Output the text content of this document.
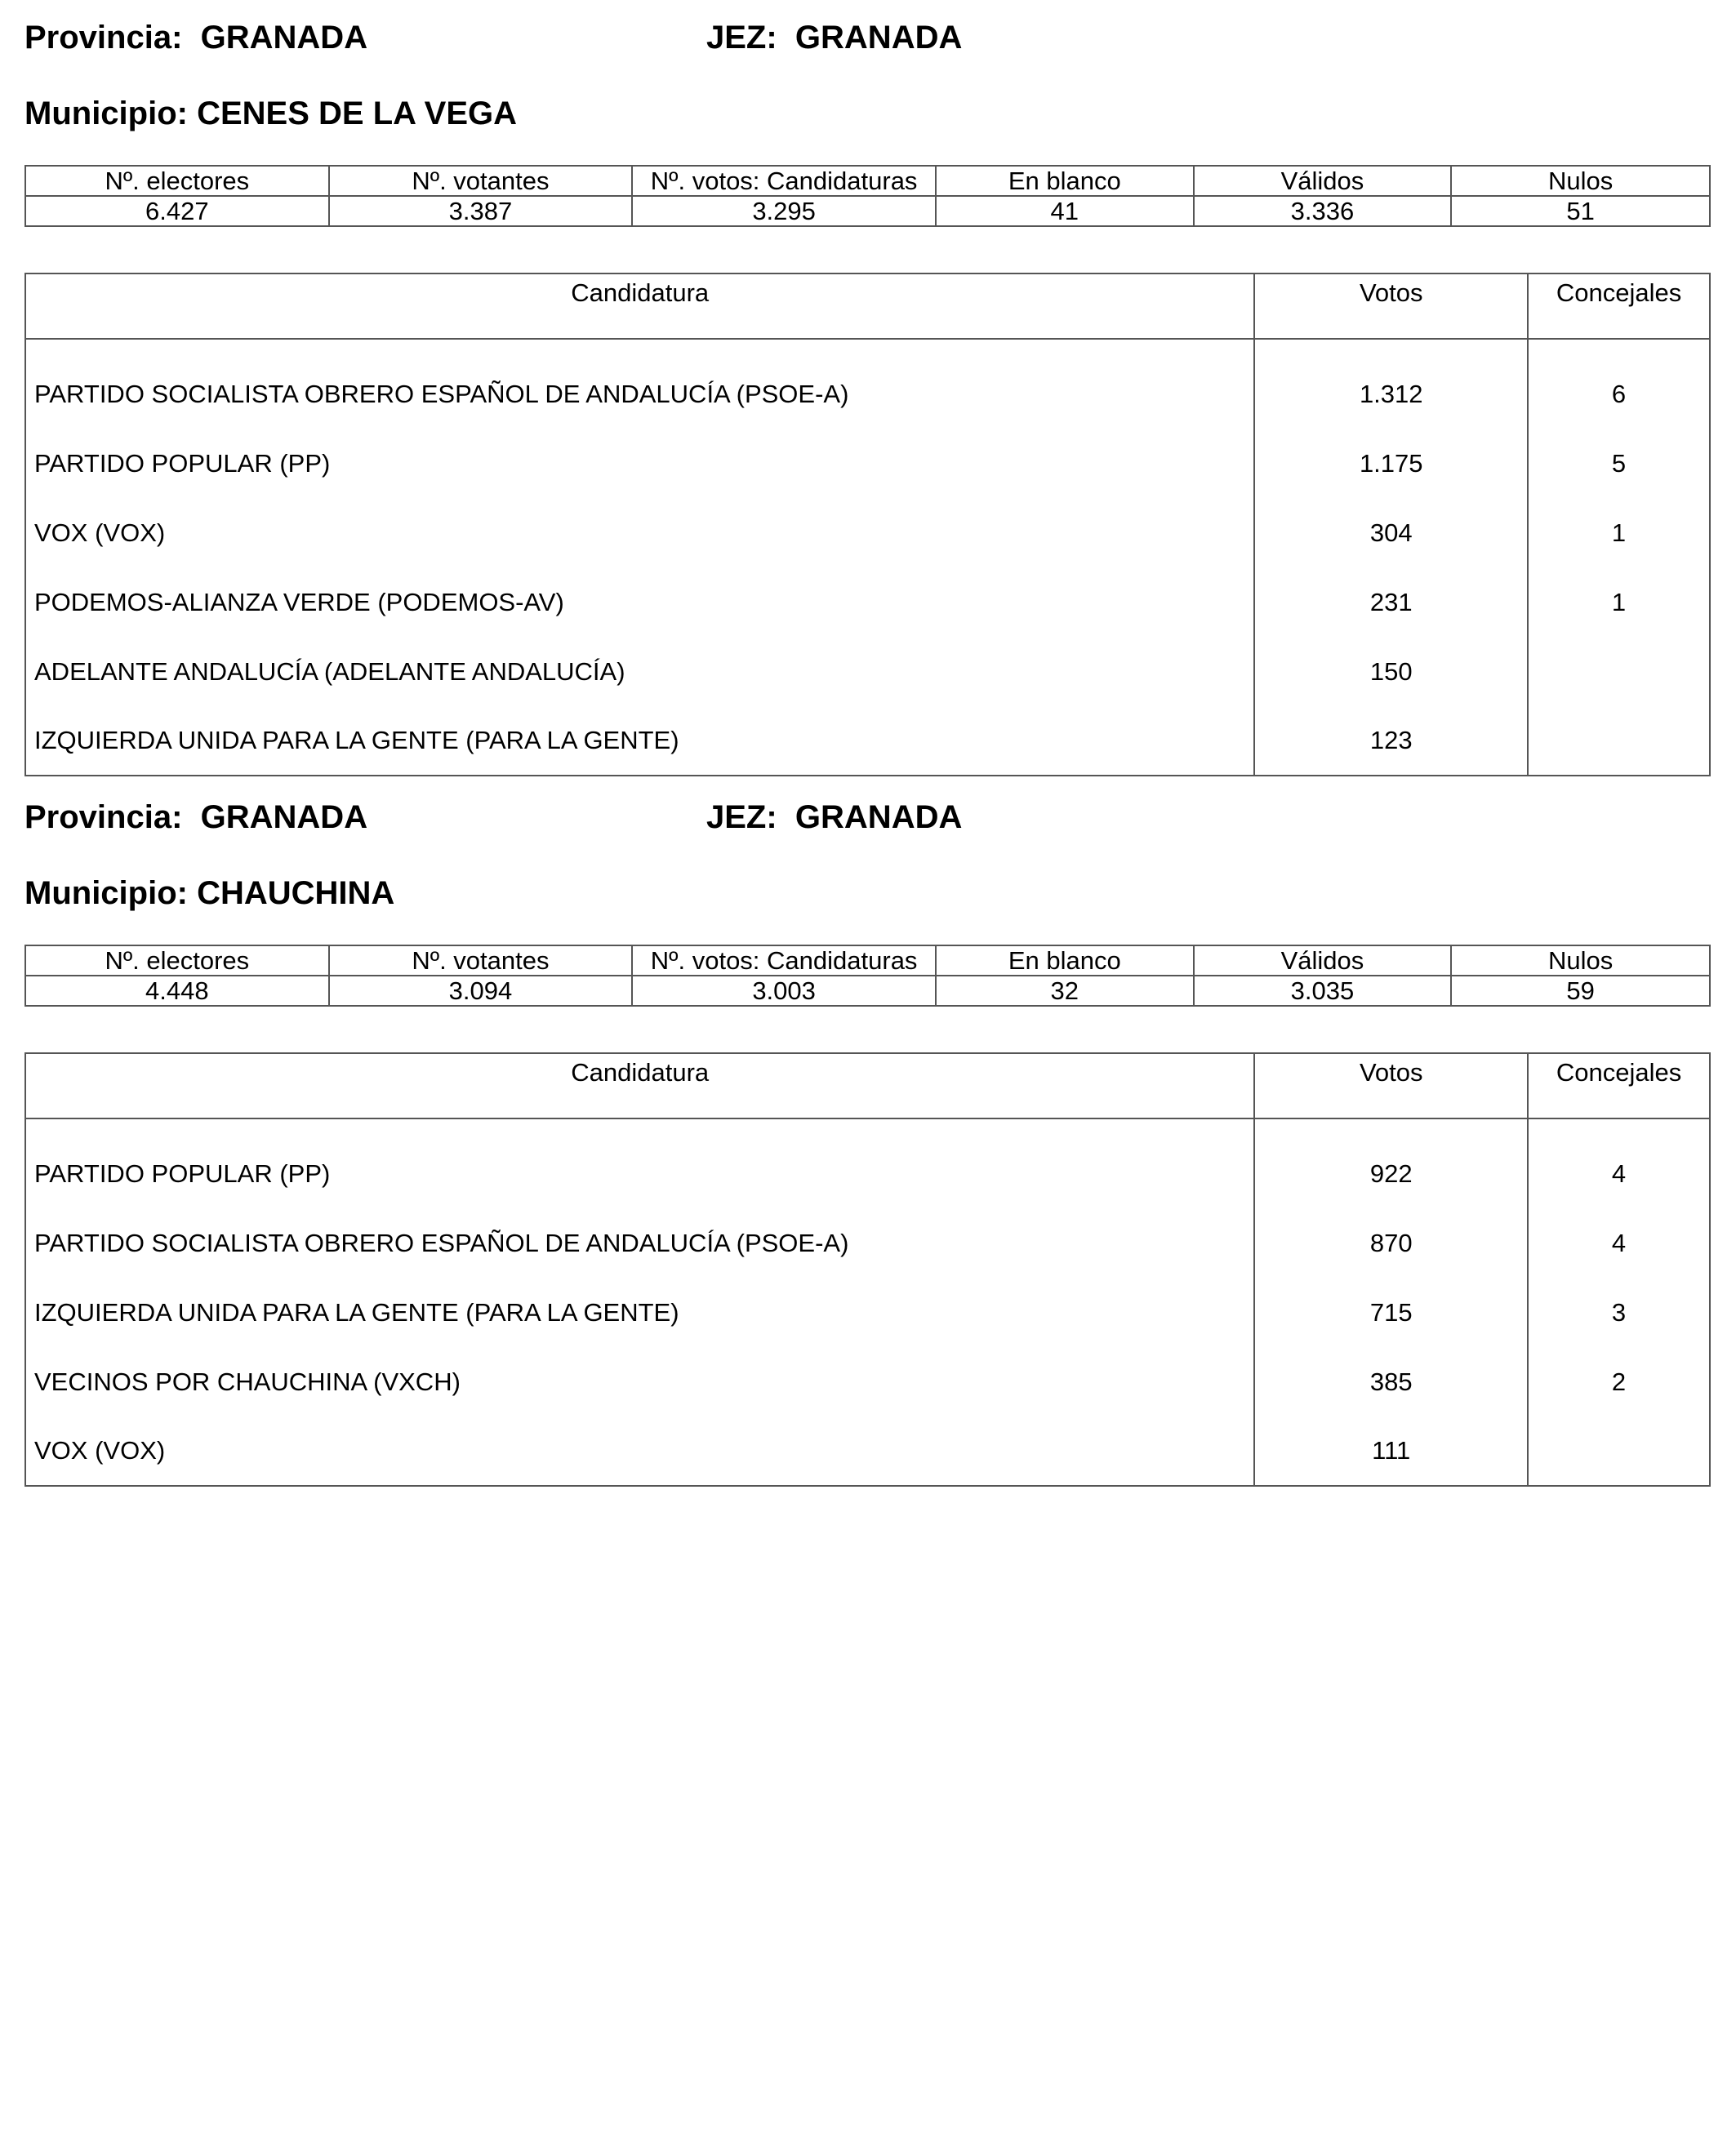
Provincia: GRANADA	JEZ: GRANADA
Municipio: CENES DE LA VEGA
Nº. electores	Nº. votantes	Nº. votos: Candidaturas	En blanco	Válidos	Nulos
6.427	3.387	3.295	41	3.336	51
Candidatura	Votos	Concejales
PARTIDO SOCIALISTA OBRERO ESPAÑOL DE ANDALUCÍA (PSOE-A)	1.312	6
PARTIDO POPULAR (PP)	1.175	5
VOX (VOX)	304	1
PODEMOS-ALIANZA VERDE (PODEMOS-AV)	231	1
ADELANTE ANDALUCÍA (ADELANTE ANDALUCÍA)	150	
IZQUIERDA UNIDA PARA LA GENTE (PARA LA GENTE)	123	
Provincia: GRANADA	JEZ: GRANADA
Municipio: CHAUCHINA
Nº. electores	Nº. votantes	Nº. votos: Candidaturas	En blanco	Válidos	Nulos
4.448	3.094	3.003	32	3.035	59
Candidatura	Votos	Concejales
PARTIDO POPULAR (PP)	922	4
PARTIDO SOCIALISTA OBRERO ESPAÑOL DE ANDALUCÍA (PSOE-A)	870	4
IZQUIERDA UNIDA PARA LA GENTE (PARA LA GENTE)	715	3
VECINOS POR CHAUCHINA (VXCH)	385	2
VOX (VOX)	111	
